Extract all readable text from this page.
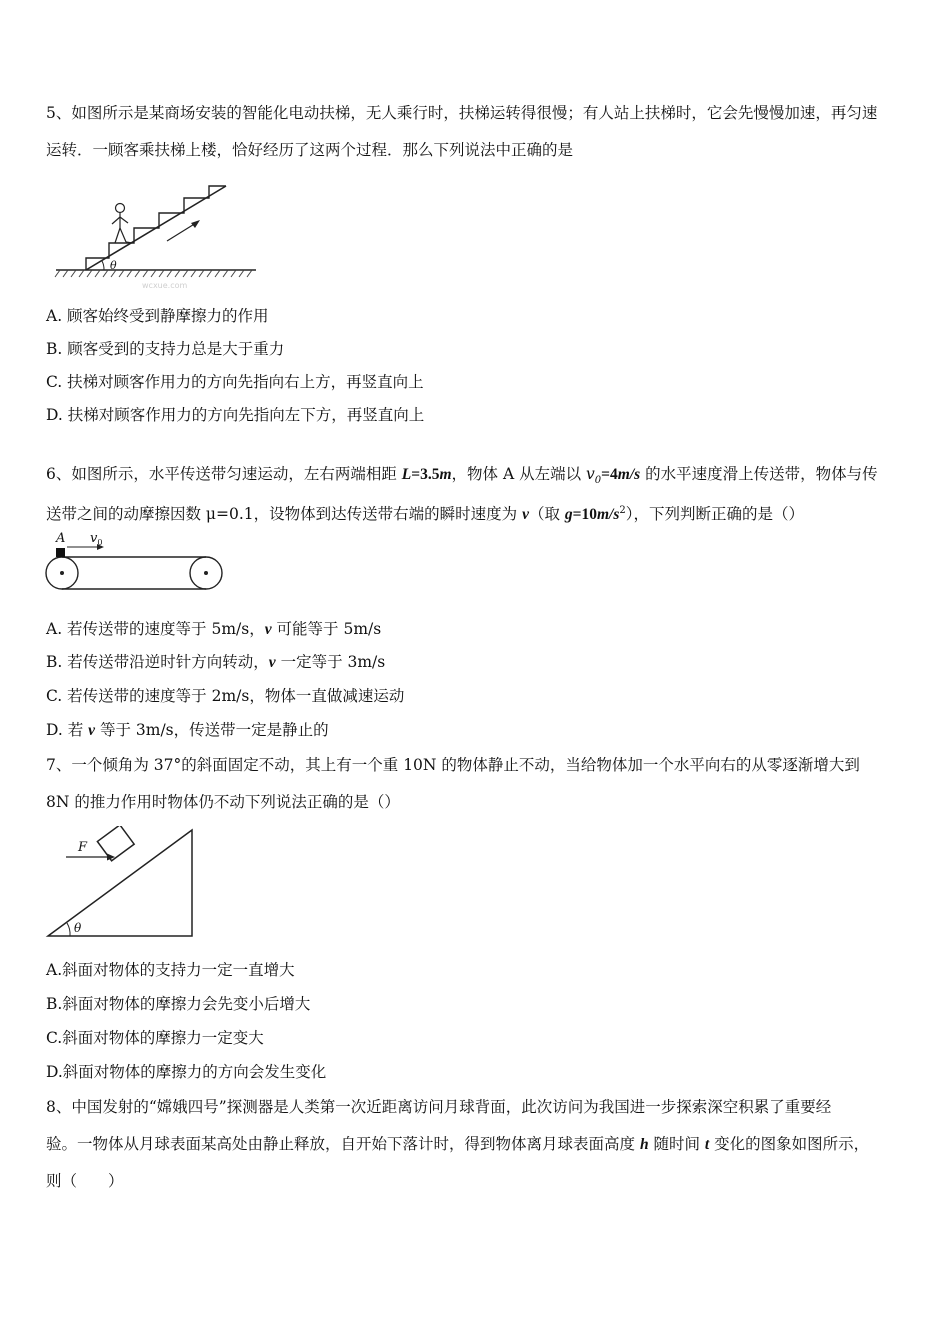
5、如图所示是某商场安装的智能化电动扶梯，无人乘行时，扶梯运转得很慢；有人站上扶梯时，它会先慢慢加速，再匀速
运转．一顾客乘扶梯上楼，恰好经历了这两个过程．那么下列说法中正确的是
θ
wcxue.com
A. 顾客始终受到静摩擦力的作用
B. 顾客受到的支持力总是大于重力
C. 扶梯对顾客作用力的方向先指向右上方，再竖直向上
D. 扶梯对顾客作用力的方向先指向左下方，再竖直向上
6、如图所示，水平传送带匀速运动，左右两端相距 L=3.5m，物体 A 从左端以 $v_0=4m/s$ 的水平速度滑上传送带，物体与传
送带之间的动摩擦因数 μ=0.1，设物体到达传送带右端的瞬时速度为 v（取 $g=10m/s^2$），下列判断正确的是（）
A $v_0$
A. 若传送带的速度等于 5m/s，v 可能等于 5m/s
B. 若传送带沿逆时针方向转动，v 一定等于 3m/s
C. 若传送带的速度等于 2m/s，物体一直做减速运动
D. 若 v 等于 3m/s，传送带一定是静止的
7、一个倾角为 37°的斜面固定不动，其上有一个重 10N 的物体静止不动，当给物体加一个水平向右的从零逐渐增大到
8N 的推力作用时物体仍不动下列说法正确的是（）
F
θ
A.斜面对物体的支持力一定一直增大
B.斜面对物体的摩擦力会先变小后增大
C.斜面对物体的摩擦力一定变大
D.斜面对物体的摩擦力的方向会发生变化
8、中国发射的“嫦娥四号”探测器是人类第一次近距离访问月球背面，此次访问为我国进一步探索深空积累了重要经
验。一物体从月球表面某高处由静止释放，自开始下落计时，得到物体离月球表面高度 h 随时间 t 变化的图象如图所示，
则（　　）
